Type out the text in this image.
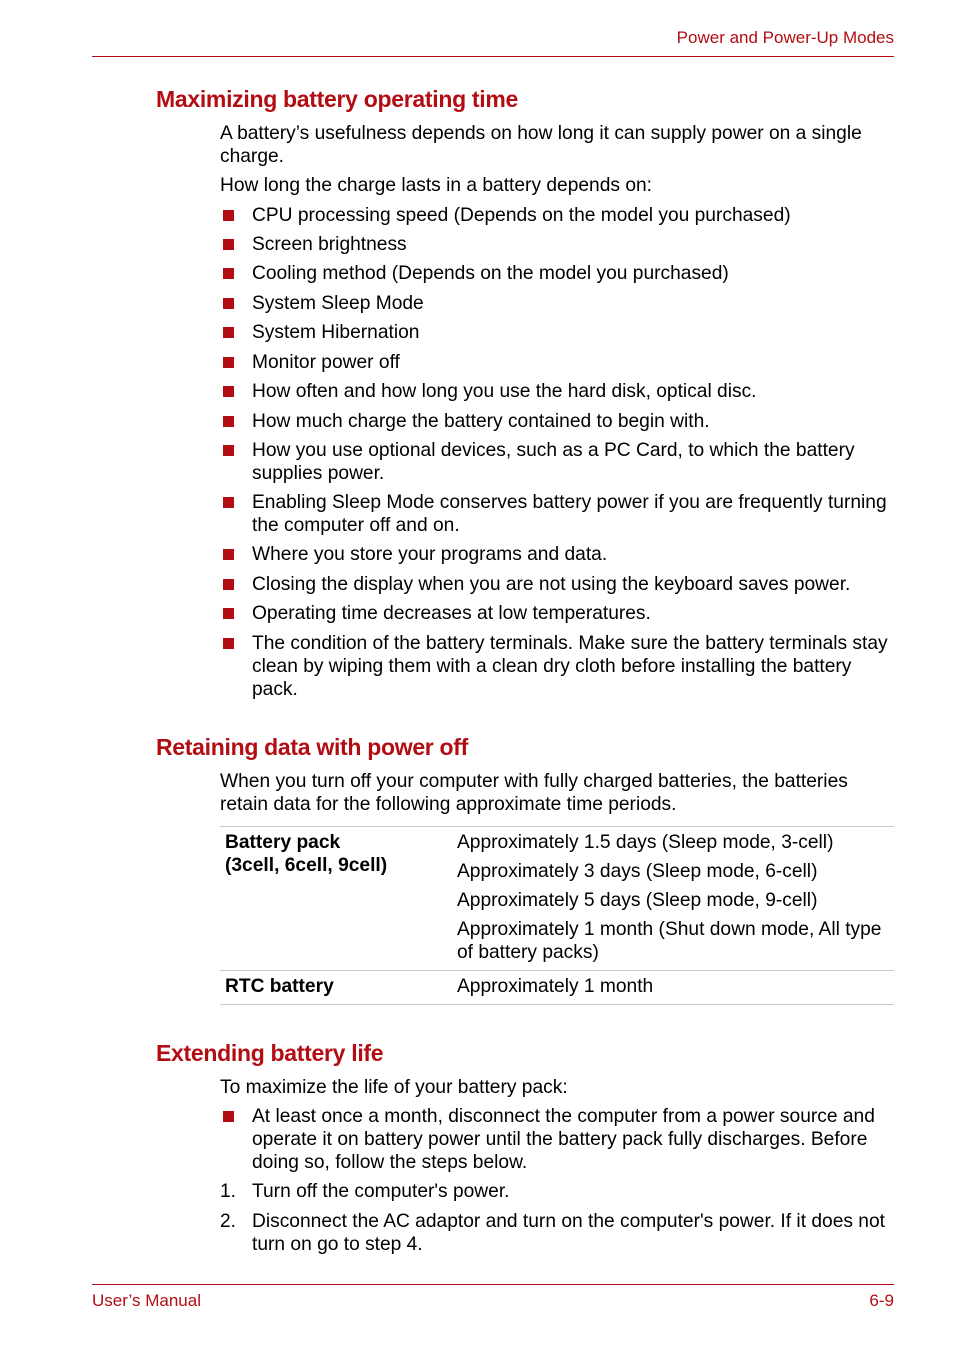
Power and Power-Up Modes
Maximizing battery operating time

A battery’s usefulness depends on how long it can supply power on a single charge.

How long the charge lasts in a battery depends on:

CPU processing speed (Depends on the model you purchased)
Screen brightness
Cooling method (Depends on the model you purchased)
System Sleep Mode
System Hibernation
Monitor power off
How often and how long you use the hard disk, optical disc.
How much charge the battery contained to begin with.
How you use optional devices, such as a PC Card, to which the battery supplies power.
Enabling Sleep Mode conserves battery power if you are frequently turning the computer off and on.
Where you store your programs and data.
Closing the display when you are not using the keyboard saves power.
Operating time decreases at low temperatures.
The condition of the battery terminals. Make sure the battery terminals stay clean by wiping them with a clean dry cloth before installing the battery pack.
Retaining data with power off

When you turn off your computer with fully charged batteries, the batteries retain data for the following approximate time periods.

Battery pack
(3cell, 6cell, 9cell)	Approximately 1.5 days (Sleep mode, 3-cell)
Approximately 3 days (Sleep mode, 6-cell)
Approximately 5 days (Sleep mode, 9-cell)
Approximately 1 month (Shut down mode, All type of battery packs)

RTC battery	Approximately 1 month
Extending battery life

To maximize the life of your battery pack:

At least once a month, disconnect the computer from a power source and operate it on battery power until the battery pack fully discharges. Before doing so, follow the steps below.
1. Turn off the computer's power.
2. Disconnect the AC adaptor and turn on the computer's power. If it does not turn on go to step 4.
User’s Manual	6-9
